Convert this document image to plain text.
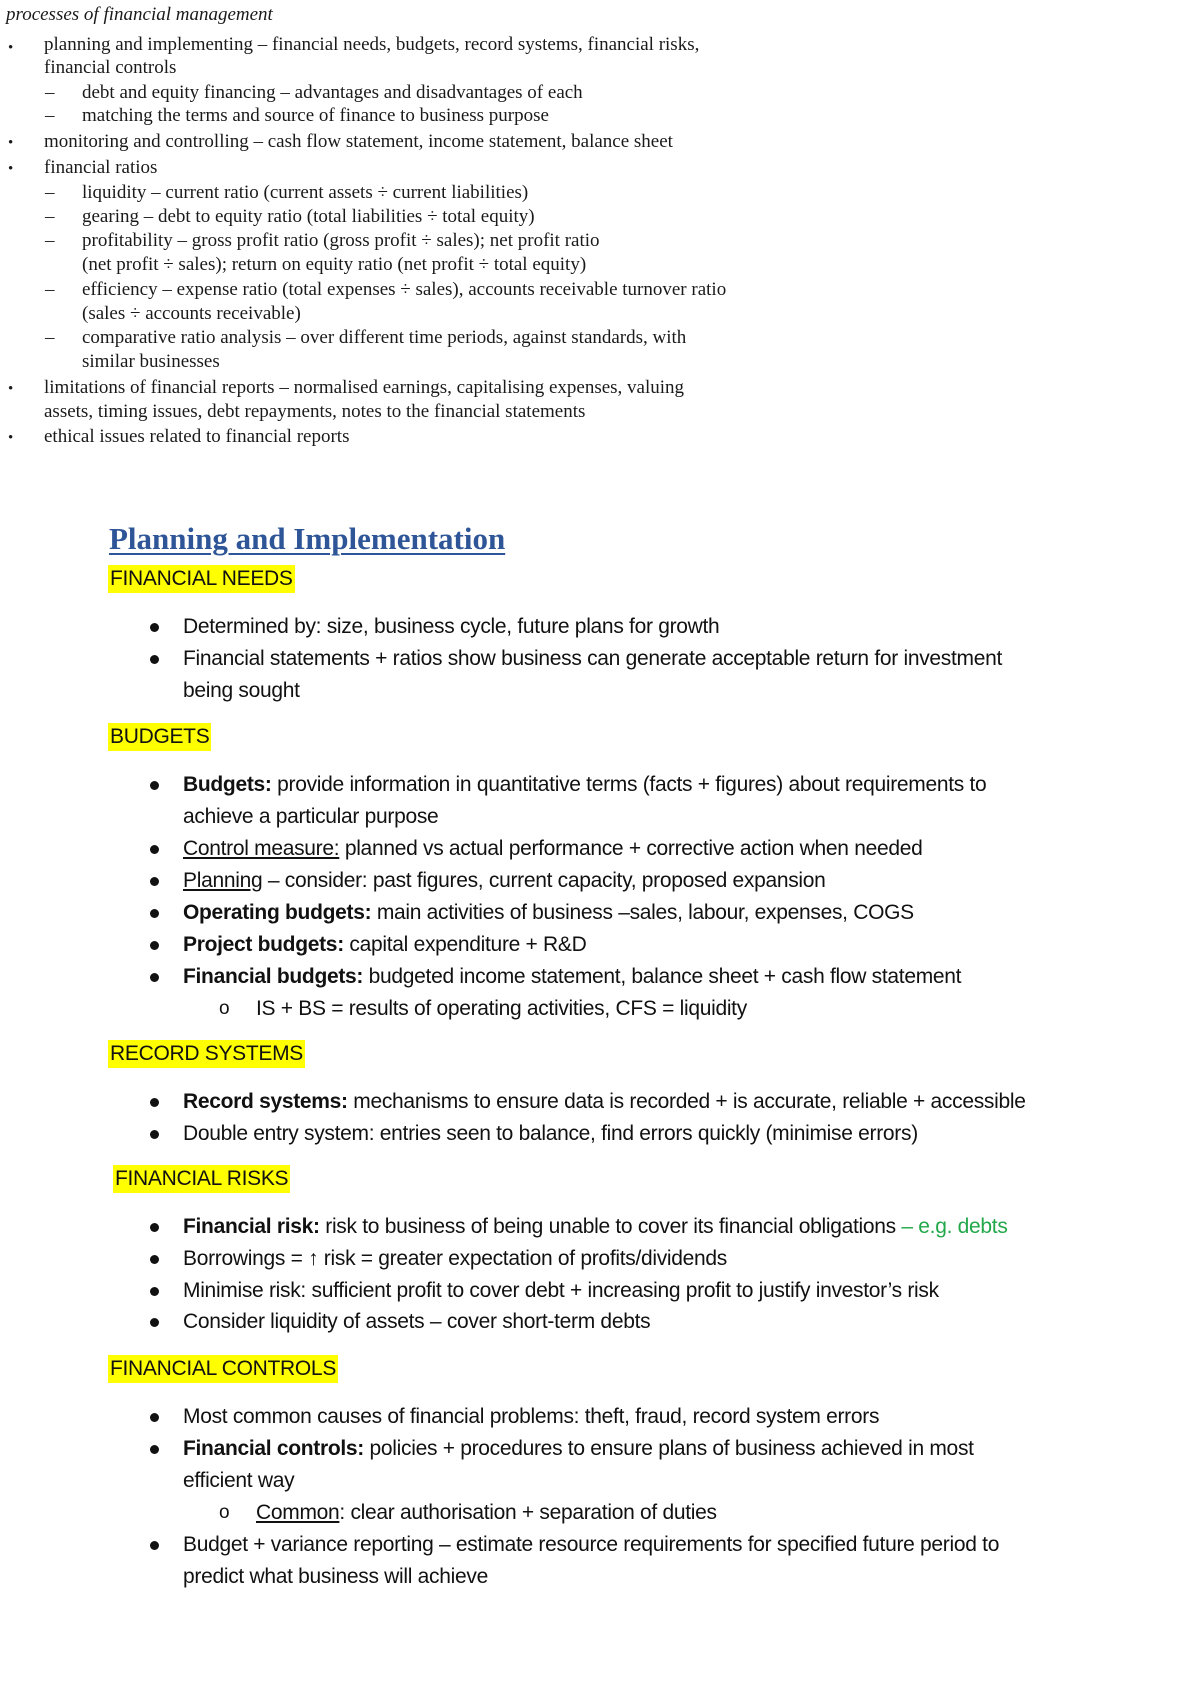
processes of financial management
• planning and implementing – financial needs, budgets, record systems, financial risks,
financial controls
– debt and equity financing – advantages and disadvantages of each
– matching the terms and source of finance to business purpose
• monitoring and controlling – cash flow statement, income statement, balance sheet
• financial ratios
– liquidity – current ratio (current assets ÷ current liabilities)
– gearing – debt to equity ratio (total liabilities ÷ total equity)
– profitability – gross profit ratio (gross profit ÷ sales); net profit ratio
(net profit ÷ sales); return on equity ratio (net profit ÷ total equity)
– efficiency – expense ratio (total expenses ÷ sales), accounts receivable turnover ratio
(sales ÷ accounts receivable)
– comparative ratio analysis – over different time periods, against standards, with
similar businesses
• limitations of financial reports – normalised earnings, capitalising expenses, valuing
assets, timing issues, debt repayments, notes to the financial statements
• ethical issues related to financial reports
Planning and Implementation
FINANCIAL NEEDS
Determined by: size, business cycle, future plans for growth
Financial statements + ratios show business can generate acceptable return for investment
being sought
BUDGETS
Budgets: provide information in quantitative terms (facts + figures) about requirements to
achieve a particular purpose
Control measure: planned vs actual performance + corrective action when needed
Planning – consider: past figures, current capacity, proposed expansion
Operating budgets: main activities of business –sales, labour, expenses, COGS
Project budgets: capital expenditure + R&D
Financial budgets: budgeted income statement, balance sheet + cash flow statement
o IS + BS = results of operating activities, CFS = liquidity
RECORD SYSTEMS
Record systems: mechanisms to ensure data is recorded + is accurate, reliable + accessible
Double entry system: entries seen to balance, find errors quickly (minimise errors)
FINANCIAL RISKS
Financial risk: risk to business of being unable to cover its financial obligations – e.g. debts
Borrowings = ↑ risk = greater expectation of profits/dividends
Minimise risk: sufficient profit to cover debt + increasing profit to justify investor’s risk
Consider liquidity of assets – cover short-term debts
FINANCIAL CONTROLS
Most common causes of financial problems: theft, fraud, record system errors
Financial controls: policies + procedures to ensure plans of business achieved in most
efficient way
o Common: clear authorisation + separation of duties
Budget + variance reporting – estimate resource requirements for specified future period to
predict what business will achieve
